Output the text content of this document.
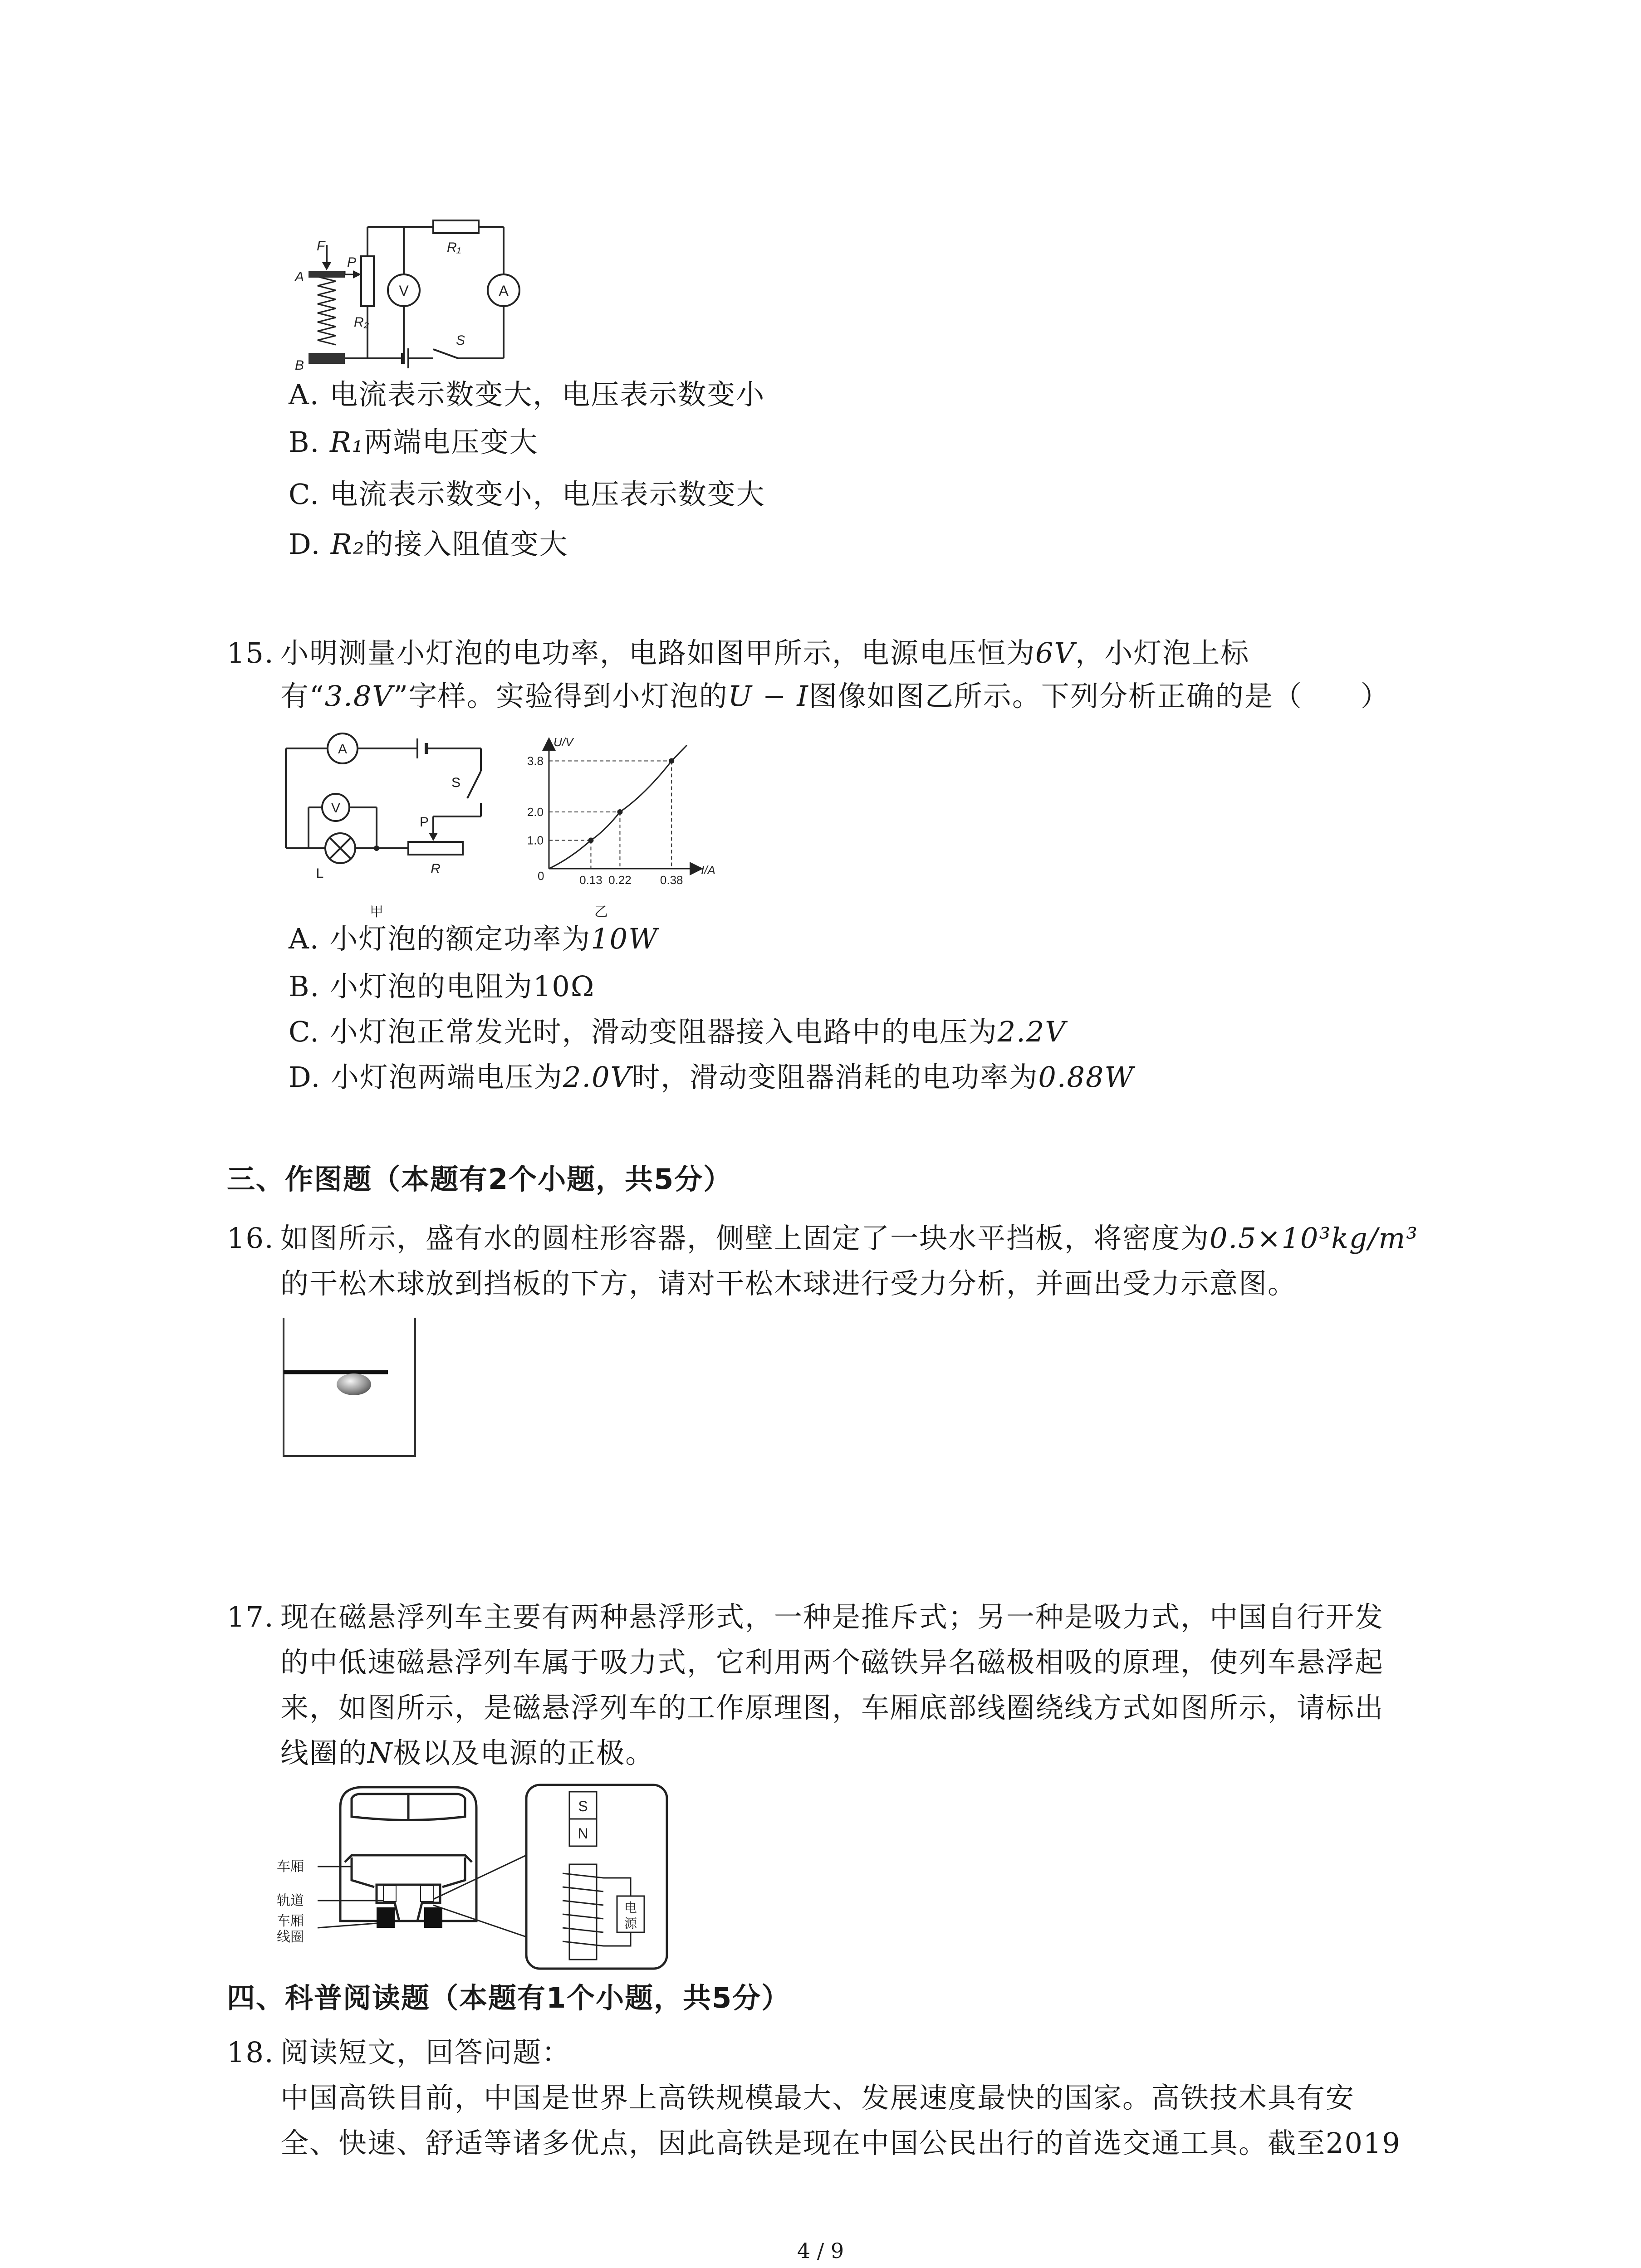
F
P
A
B
R₁
R₂
S
V	A
A. 电流表示数变大，电压表示数变小
B. R₁两端电压变大
C. 电流表示数变小，电压表示数变大
D. R₂的接入阻值变大
15. 小明测量小灯泡的电功率，电路如图甲所示，电源电压恒为6V，小灯泡上标
有“3.8V”字样。实验得到小灯泡的U − I图像如图乙所示。下列分析正确的是（　　）
A
V
S
P
L	R
甲
U/V
I/A
0
3.8
2.0
1.0
0.13 0.22 0.38
乙
A. 小灯泡的额定功率为10W
B. 小灯泡的电阻为10Ω
C. 小灯泡正常发光时，滑动变阻器接入电路中的电压为2.2V
D. 小灯泡两端电压为2.0V时，滑动变阻器消耗的电功率为0.88W
三、作图题（本题有2个小题，共5分）
16. 如图所示，盛有水的圆柱形容器，侧壁上固定了一块水平挡板，将密度为0.5×10³kg/m³
的干松木球放到挡板的下方，请对干松木球进行受力分析，并画出受力示意图。
17. 现在磁悬浮列车主要有两种悬浮形式，一种是推斥式；另一种是吸力式，中国自行开发
的中低速磁悬浮列车属于吸力式，它利用两个磁铁异名磁极相吸的原理，使列车悬浮起
来，如图所示，是磁悬浮列车的工作原理图，车厢底部线圈绕线方式如图所示，请标出
线圈的N极以及电源的正极。
车厢
轨道
车厢
线圈
S
N
电
源
四、科普阅读题（本题有1个小题，共5分）
18. 阅读短文，回答问题：
中国高铁目前，中国是世界上高铁规模最大、发展速度最快的国家。高铁技术具有安
全、快速、舒适等诸多优点，因此高铁是现在中国公民出行的首选交通工具。截至2019
4 / 9
